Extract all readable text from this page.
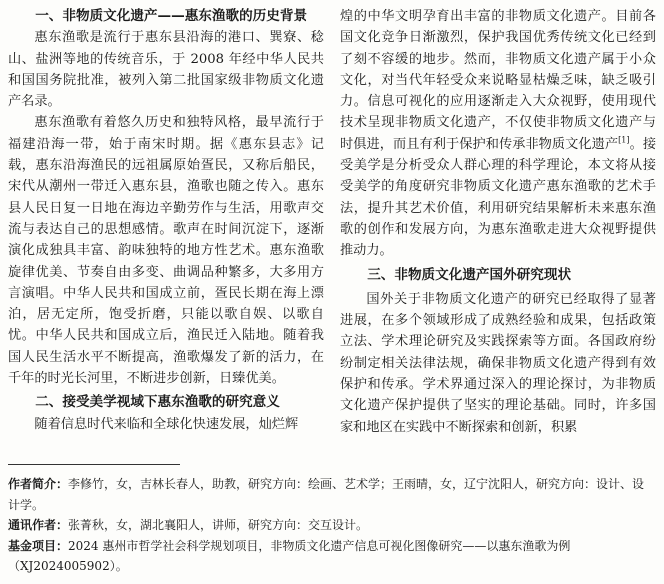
一、非物质文化遗产——惠东渔歌的历史背景

惠东渔歌是流行于惠东县沿海的港口、巽寮、稔山、盐洲等地的传统音乐，于 2008 年经中华人民共和国国务院批准，被列入第二批国家级非物质文化遗产名录。

惠东渔歌有着悠久历史和独特风格，最早流行于福建沿海一带，始于南宋时期。据《惠东县志》记载，惠东沿海渔民的远祖属原始疍民，又称后船民，宋代从潮州一带迁入惠东县，渔歌也随之传入。惠东县人民日复一日地在海边辛勤劳作与生活，用歌声交流与表达自己的思想感情。歌声在时间沉淀下，逐渐演化成独具丰富、韵味独特的地方性艺术。惠东渔歌旋律优美、节奏自由多变、曲调品种繁多，大多用方言演唱。中华人民共和国成立前，疍民长期在海上漂泊，居无定所，饱受折磨，只能以歌自娱、以歌自忧。中华人民共和国成立后，渔民迁入陆地。随着我国人民生活水平不断提高，渔歌爆发了新的活力，在千年的时光长河里，不断进步创新，日臻优美。

二、接受美学视域下惠东渔歌的研究意义

随着信息时代来临和全球化快速发展，灿烂辉

煌的中华文明孕育出丰富的非物质文化遗产。目前各国文化竞争日渐激烈，保护我国优秀传统文化已经到了刻不容缓的地步。然而，非物质文化遗产属于小众文化，对当代年轻受众来说略显枯燥乏味，缺乏吸引力。信息可视化的应用逐渐走入大众视野，使用现代技术呈现非物质文化遗产，不仅使非物质文化遗产与时俱进，而且有利于保护和传承非物质文化遗产[1]。接受美学是分析受众人群心理的科学理论，本文将从接受美学的角度研究非物质文化遗产惠东渔歌的艺术手法，提升其艺术价值，利用研究结果解析未来惠东渔歌的创作和发展方向，为惠东渔歌走进大众视野提供推动力。

三、非物质文化遗产国外研究现状

国外关于非物质文化遗产的研究已经取得了显著进展，在多个领域形成了成熟经验和成果，包括政策立法、学术理论研究及实践探索等方面。各国政府纷纷制定相关法律法规，确保非物质文化遗产得到有效保护和传承。学术界通过深入的理论探讨，为非物质文化遗产保护提供了坚实的理论基础。同时，许多国家和地区在实践中不断探索和创新，积累

作者简介：李修竹，女，吉林长春人，助教，研究方向：绘画、艺术学；王雨晴，女，辽宁沈阳人，研究方向：设计、设计学。

通讯作者：张菁秋，女，湖北襄阳人，讲师，研究方向：交互设计。

基金项目：2024 惠州市哲学社会科学规划项目，非物质文化遗产信息可视化图像研究——以惠东渔歌为例（XJ2024005902）。
